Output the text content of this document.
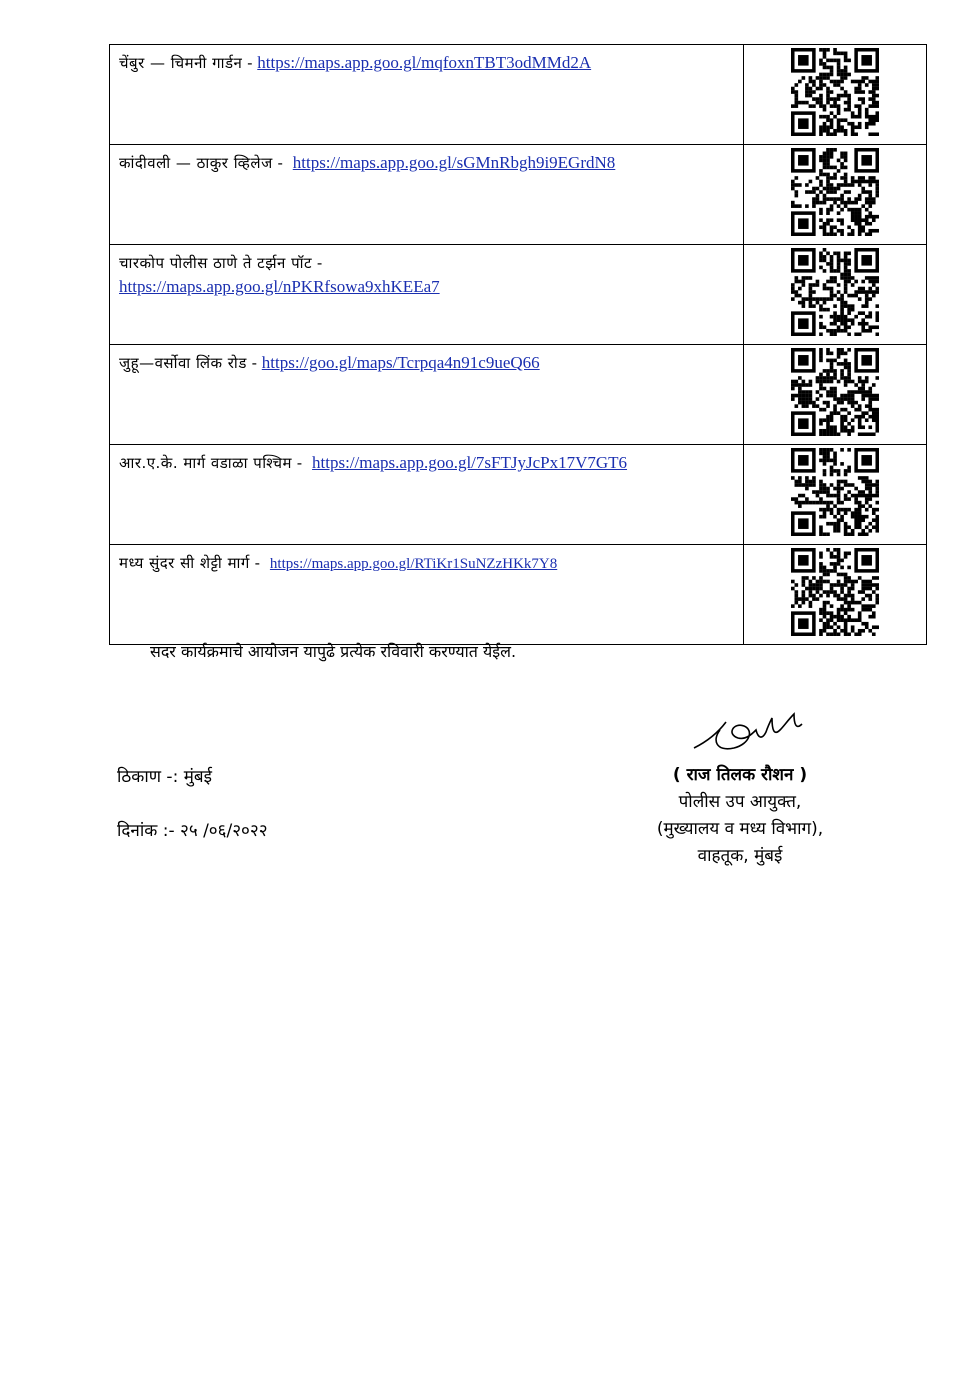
चेंबुर — चिमनी गार्डन - https://maps.app.goo.gl/mqfoxnTBT3odMMd2A	

कांदीवली — ठाकुर व्हिलेज -  https://maps.app.goo.gl/sGMnRbgh9i9EGrdN8	

चारकोप पोलीस ठाणे ते टर्झन पॉट -
https://maps.app.goo.gl/nPKRfsowa9xhKEEa7	

जुहू—वर्सोवा लिंक रोड - https://goo.gl/maps/Tcrpqa4n91c9ueQ66	

आर.ए.के. मार्ग वडाळा पश्चिम -  https://maps.app.goo.gl/7sFTJyJcPx17V7GT6	

मध्य सुंदर सी शेट्टी मार्ग -  https://maps.app.goo.gl/RTiKr1SuNZzHKk7Y8	
सदर कार्यक्रमाचे आयोजन यापुढे प्रत्येक रविवारी करण्यात येईल.
ठिकाण -: मुंबई
दिनांक :- २५ /०६/२०२२
( राज तिलक रौशन )
पोलीस उप आयुक्त,
(मुख्यालय व मध्य विभाग),
वाहतूक, मुंबई
